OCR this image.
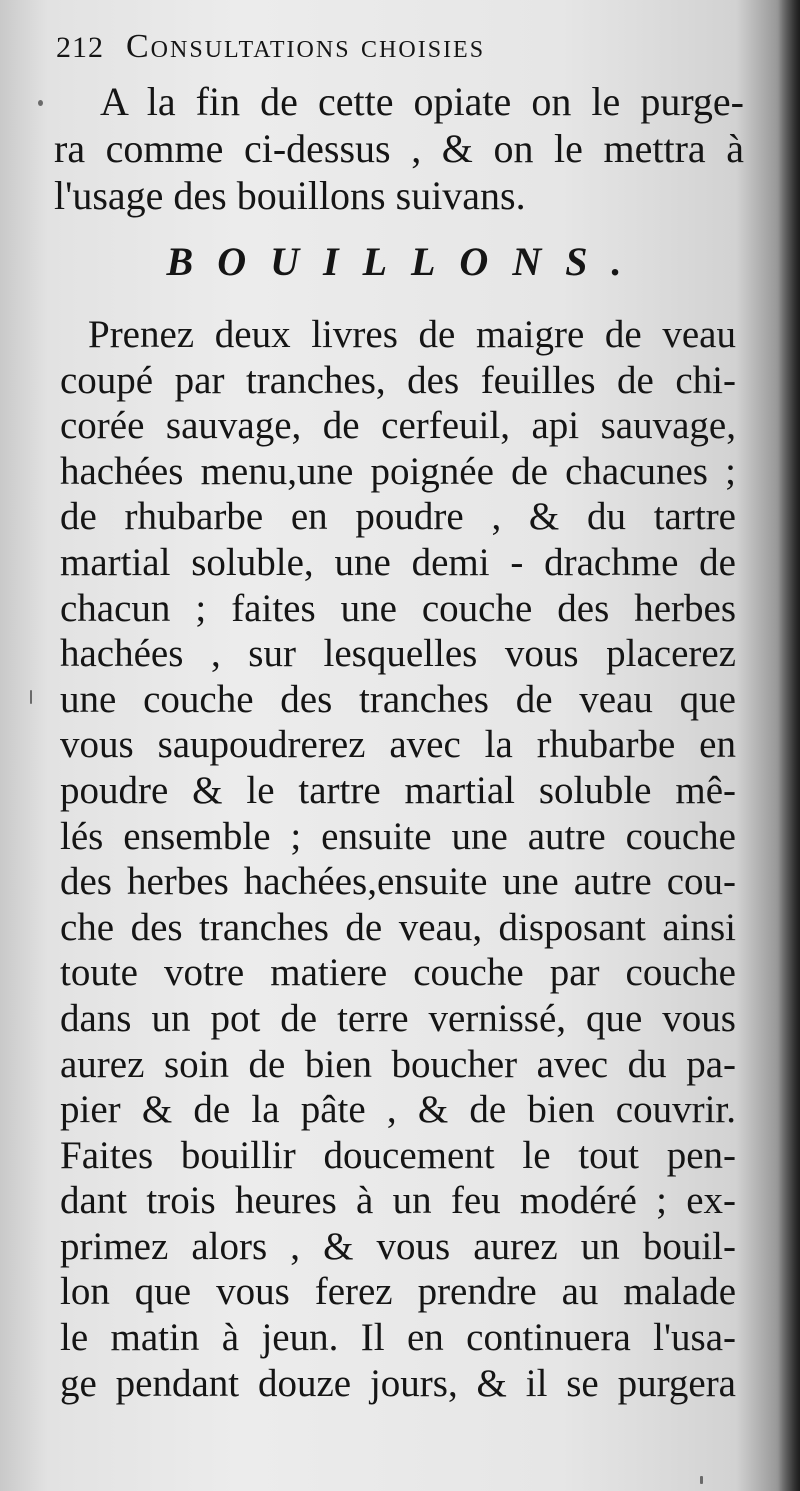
212 Consultations choisies
A la fin de cette opiate on le purge-
ra comme ci-dessus , & on le mettra à
l'usage des bouillons suivans.
BOUILLONS.
Prenez deux livres de maigre de veau
coupé par tranches, des feuilles de chi-
corée sauvage, de cerfeuil, api sauvage,
hachées menu,une poignée de chacunes ;
de rhubarbe en poudre , & du tartre
martial soluble, une demi - drachme de
chacun ; faites une couche des herbes
hachées , sur lesquelles vous placerez
une couche des tranches de veau que
vous saupoudrerez avec la rhubarbe en
poudre & le tartre martial soluble mê-
lés ensemble ; ensuite une autre couche
des herbes hachées,ensuite une autre cou-
che des tranches de veau, disposant ainsi
toute votre matiere couche par couche
dans un pot de terre vernissé, que vous
aurez soin de bien boucher avec du pa-
pier & de la pâte , & de bien couvrir.
Faites bouillir doucement le tout pen-
dant trois heures à un feu modéré ; ex-
primez alors , & vous aurez un bouil-
lon que vous ferez prendre au malade
le matin à jeun. Il en continuera l'usa-
ge pendant douze jours, & il se purgera
